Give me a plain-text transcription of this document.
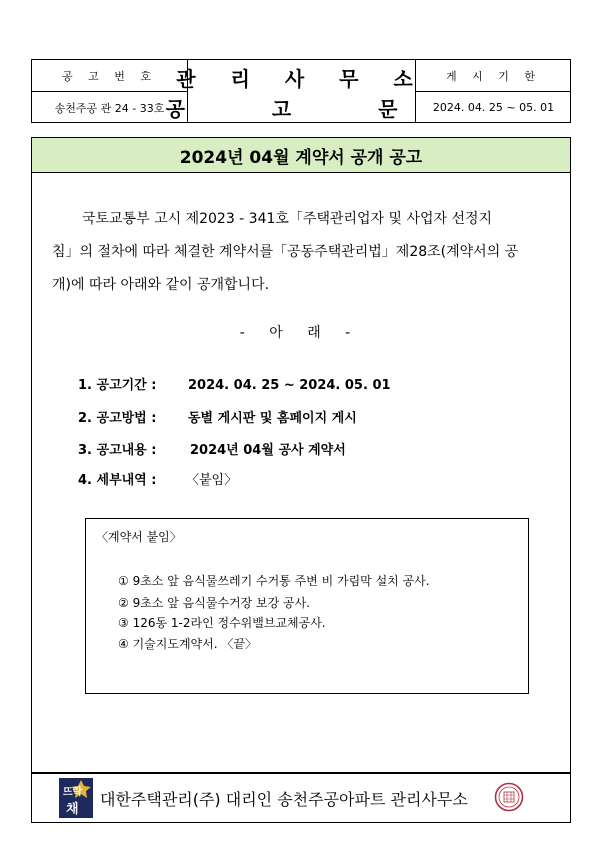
공 고 번 호
송천주공 관 24 - 33호
관 리 사 무 소
공 고 문
게 시 기 한
2024. 04. 25 ~ 05. 01
2024년 04월 계약서 공개 공고
국토교통부 고시 제2023 - 341호「주택관리업자 및 사업자 선정지
침」의 절차에 따라 체결한 계약서를「공동주택관리법」제28조(계약서의 공
개)에 따라 아래와 같이 공개합니다.
- 아 래 -
1. 공고기간 : 2024. 04. 25 ~ 2024. 05. 01
2. 공고방법 : 동별 게시판 및 홈페이지 게시
3. 공고내용 :	2024년 04월 공사 계약서
4. 세부내역 : 〈붙임〉
〈계약서 붙임〉
① 9초소 앞 음식물쓰레기 수거통 주변 비 가림막 설치 공사.
② 9초소 앞 음식물수거장 보강 공사.
③ 126동 1-2라인 정수위밸브교체공사.
④ 기술지도계약서. 〈끝〉
뜨락
채
대한주택관리(주) 대리인 송천주공아파트 관리사무소
